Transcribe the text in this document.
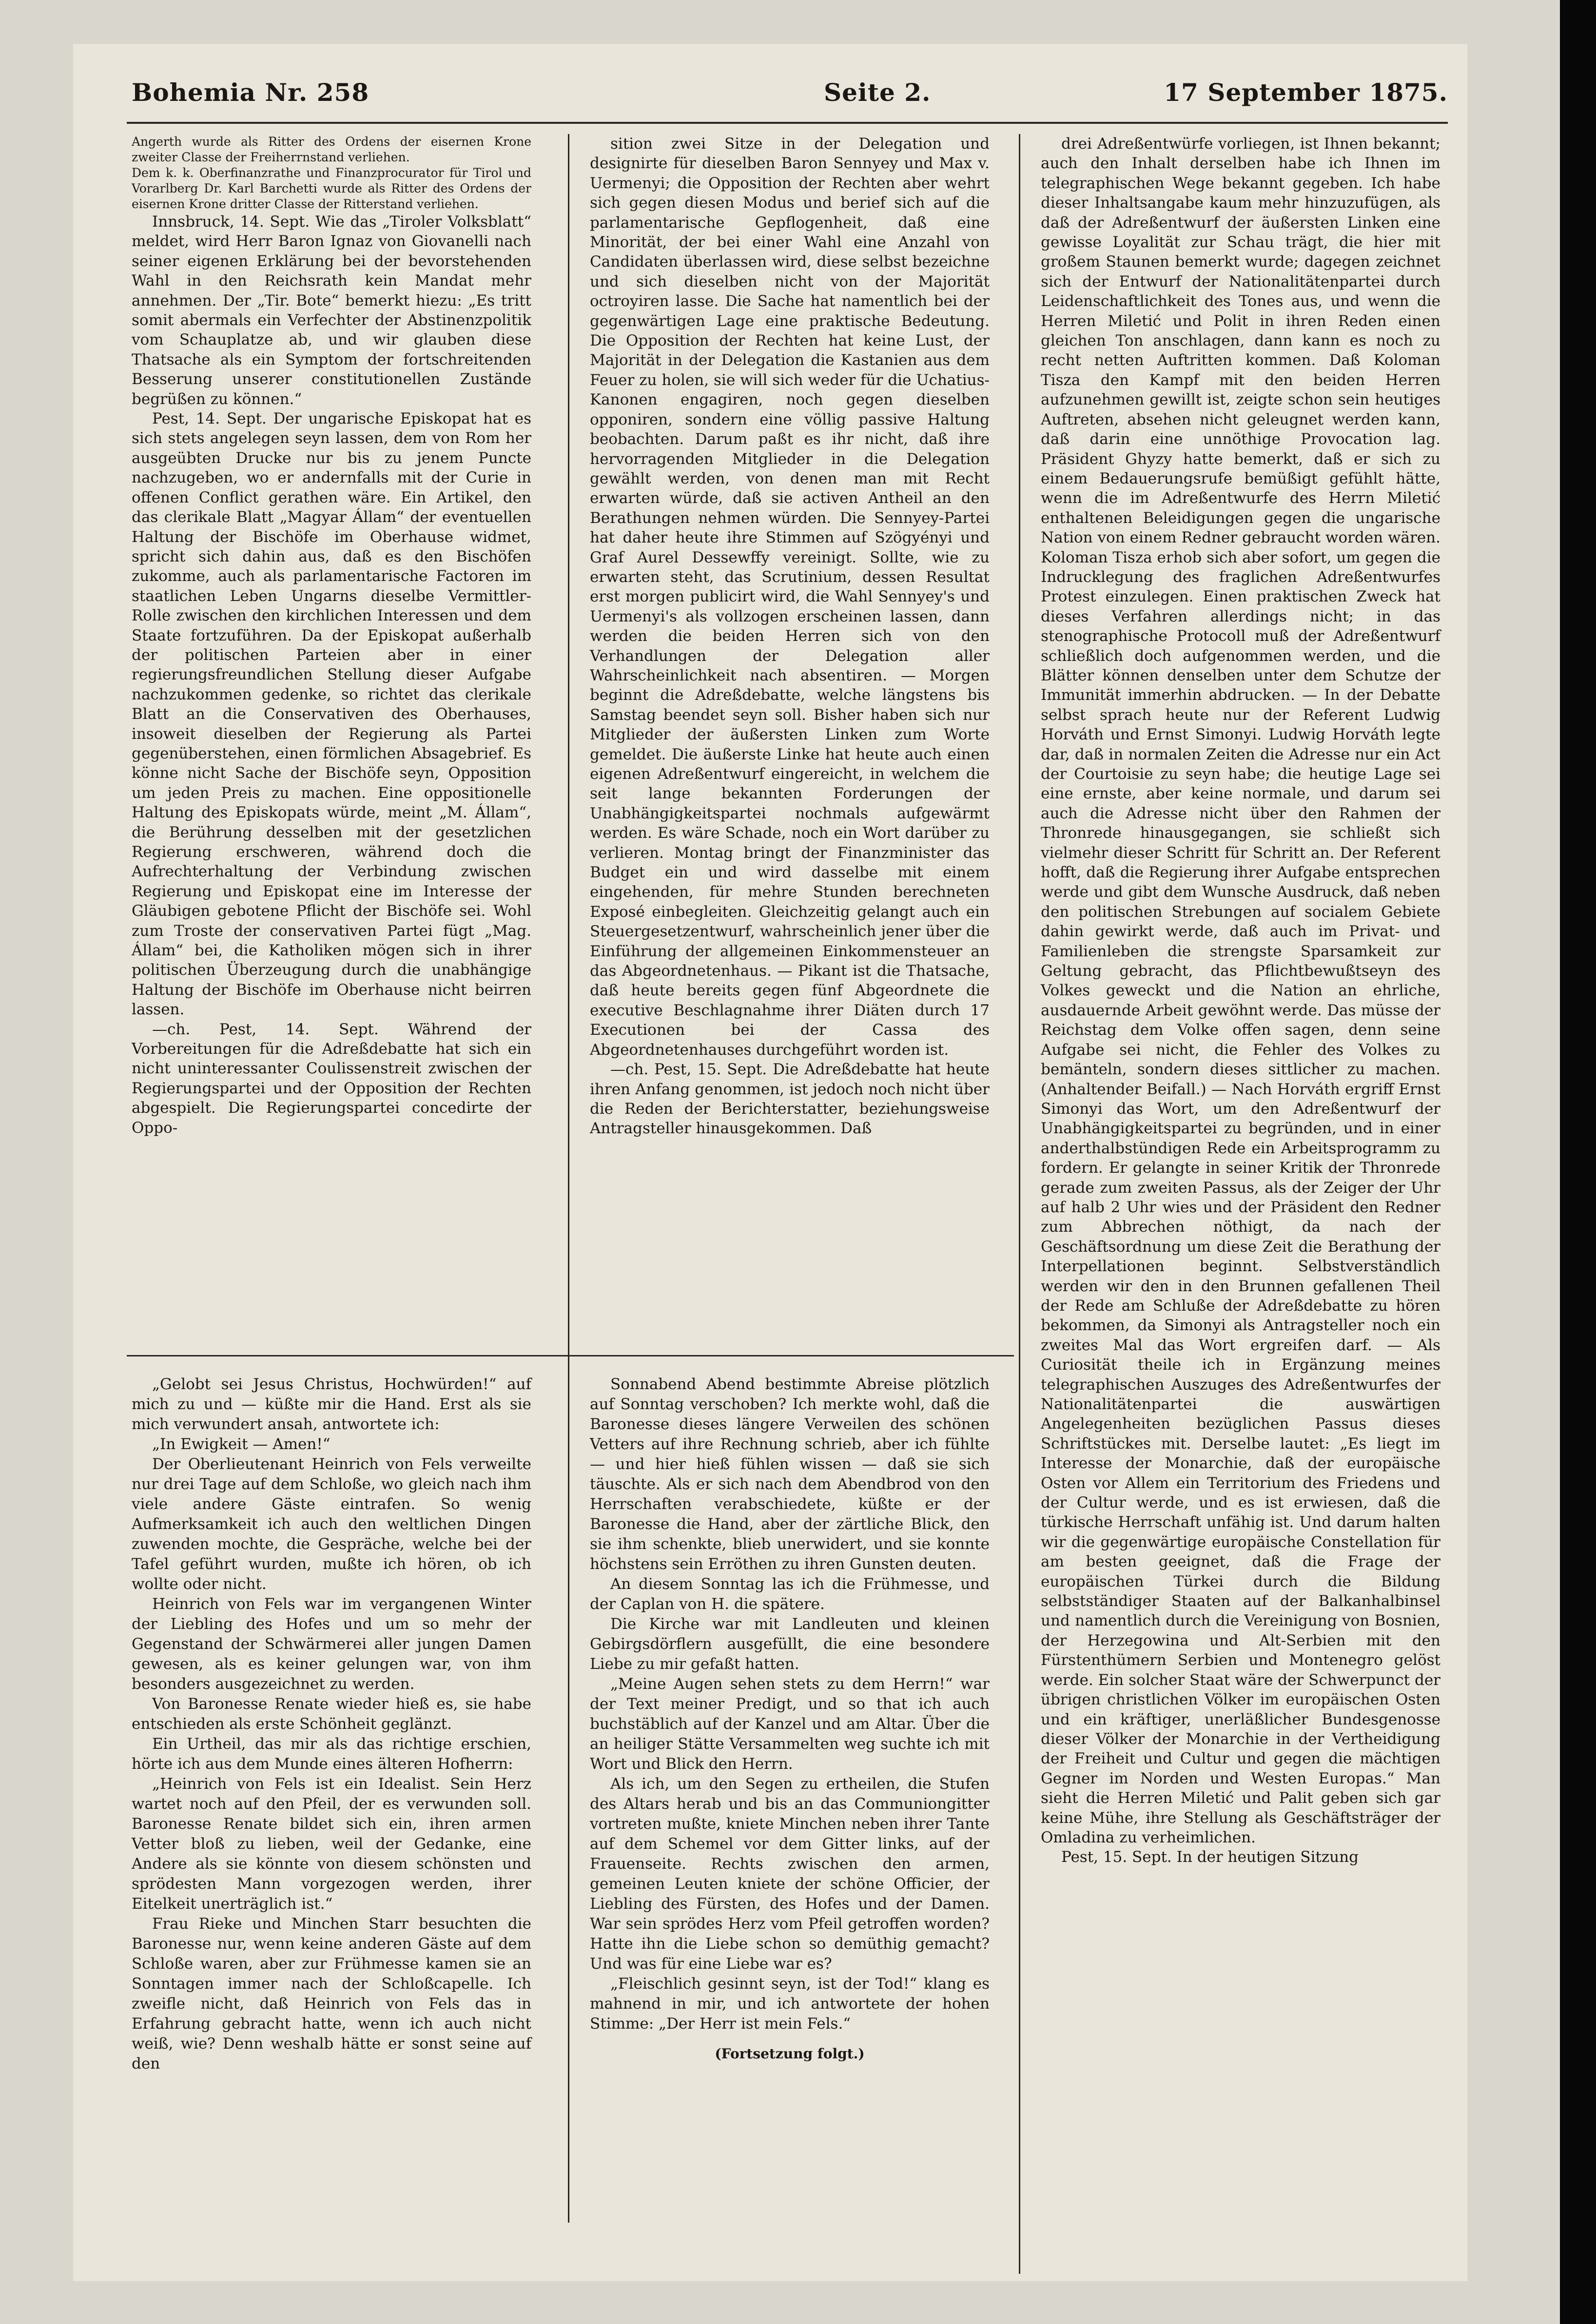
Bohemia Nr. 258	Seite 2.	17 September 1875.

Angerth wurde als Ritter des Ordens der eisernen Krone zweiter Classe der Freiherrnstand verliehen.

Dem k. k. Oberfinanzrathe und Finanzprocurator für Tirol und Vorarlberg Dr. Karl Barchetti wurde als Ritter des Ordens der eisernen Krone dritter Classe der Ritterstand verliehen.

Innsbruck, 14. Sept. Wie das „Tiroler Volksblatt“ meldet, wird Herr Baron Ignaz von Giovanelli nach seiner eigenen Erklärung bei der bevorstehenden Wahl in den Reichsrath kein Mandat mehr annehmen. Der „Tir. Bote“ bemerkt hiezu: „Es tritt somit abermals ein Verfechter der Abstinenzpolitik vom Schauplatze ab, und wir glauben diese Thatsache als ein Symptom der fortschreitenden Besserung unserer constitutionellen Zustände begrüßen zu können.“

Pest, 14. Sept. Der ungarische Episkopat hat es sich stets angelegen seyn lassen, dem von Rom her ausgeübten Drucke nur bis zu jenem Puncte nachzugeben, wo er andernfalls mit der Curie in offenen Conflict gerathen wäre. Ein Artikel, den das clerikale Blatt „Magyar Állam“ der eventuellen Haltung der Bischöfe im Oberhause widmet, spricht sich dahin aus, daß es den Bischöfen zukomme, auch als parlamentarische Factoren im staatlichen Leben Ungarns dieselbe Vermittler-Rolle zwischen den kirchlichen Interessen und dem Staate fortzuführen. Da der Episkopat außerhalb der politischen Parteien aber in einer regierungsfreundlichen Stellung dieser Aufgabe nachzukommen gedenke, so richtet das clerikale Blatt an die Conservativen des Oberhauses, insoweit dieselben der Regierung als Partei gegenüberstehen, einen förmlichen Absagebrief. Es könne nicht Sache der Bischöfe seyn, Opposition um jeden Preis zu machen. Eine oppositionelle Haltung des Episkopats würde, meint „M. Állam“, die Berührung desselben mit der gesetzlichen Regierung erschweren, während doch die Aufrechterhaltung der Verbindung zwischen Regierung und Episkopat eine im Interesse der Gläubigen gebotene Pflicht der Bischöfe sei. Wohl zum Troste der conservativen Partei fügt „Mag. Állam“ bei, die Katholiken mögen sich in ihrer politischen Überzeugung durch die unabhängige Haltung der Bischöfe im Oberhause nicht beirren lassen.

—ch. Pest, 14. Sept. Während der Vorbereitungen für die Adreßdebatte hat sich ein nicht uninteressanter Coulissenstreit zwischen der Regierungspartei und der Opposition der Rechten abgespielt. Die Regierungspartei concedirte der Oppo-

sition zwei Sitze in der Delegation und designirte für dieselben Baron Sennyey und Max v. Uermenyi; die Opposition der Rechten aber wehrt sich gegen diesen Modus und berief sich auf die parlamentarische Gepflogenheit, daß eine Minorität, der bei einer Wahl eine Anzahl von Candidaten überlassen wird, diese selbst bezeichne und sich dieselben nicht von der Majorität octroyiren lasse. Die Sache hat namentlich bei der gegenwärtigen Lage eine praktische Bedeutung. Die Opposition der Rechten hat keine Lust, der Majorität in der Delegation die Kastanien aus dem Feuer zu holen, sie will sich weder für die Uchatius-Kanonen engagiren, noch gegen dieselben opponiren, sondern eine völlig passive Haltung beobachten. Darum paßt es ihr nicht, daß ihre hervorragenden Mitglieder in die Delegation gewählt werden, von denen man mit Recht erwarten würde, daß sie activen Antheil an den Berathungen nehmen würden. Die Sennyey-Partei hat daher heute ihre Stimmen auf Szögyényi und Graf Aurel Dessewffy vereinigt. Sollte, wie zu erwarten steht, das Scrutinium, dessen Resultat erst morgen publicirt wird, die Wahl Sennyey's und Uermenyi's als vollzogen erscheinen lassen, dann werden die beiden Herren sich von den Verhandlungen der Delegation aller Wahrscheinlichkeit nach absentiren. — Morgen beginnt die Adreßdebatte, welche längstens bis Samstag beendet seyn soll. Bisher haben sich nur Mitglieder der äußersten Linken zum Worte gemeldet. Die äußerste Linke hat heute auch einen eigenen Adreßentwurf eingereicht, in welchem die seit lange bekannten Forderungen der Unabhängigkeitspartei nochmals aufgewärmt werden. Es wäre Schade, noch ein Wort darüber zu verlieren. Montag bringt der Finanzminister das Budget ein und wird dasselbe mit einem eingehenden, für mehre Stunden berechneten Exposé einbegleiten. Gleichzeitig gelangt auch ein Steuergesetzentwurf, wahrscheinlich jener über die Einführung der allgemeinen Einkommensteuer an das Abgeordnetenhaus. — Pikant ist die Thatsache, daß heute bereits gegen fünf Abgeordnete die executive Beschlagnahme ihrer Diäten durch 17 Executionen bei der Cassa des Abgeordnetenhauses durchgeführt worden ist.

—ch. Pest, 15. Sept. Die Adreßdebatte hat heute ihren Anfang genommen, ist jedoch noch nicht über die Reden der Berichterstatter, beziehungsweise Antragsteller hinausgekommen. Daß

drei Adreßentwürfe vorliegen, ist Ihnen bekannt; auch den Inhalt derselben habe ich Ihnen im telegraphischen Wege bekannt gegeben. Ich habe dieser Inhaltsangabe kaum mehr hinzuzufügen, als daß der Adreßentwurf der äußersten Linken eine gewisse Loyalität zur Schau trägt, die hier mit großem Staunen bemerkt wurde; dagegen zeichnet sich der Entwurf der Nationalitätenpartei durch Leidenschaftlichkeit des Tones aus, und wenn die Herren Miletić und Polit in ihren Reden einen gleichen Ton anschlagen, dann kann es noch zu recht netten Auftritten kommen. Daß Koloman Tisza den Kampf mit den beiden Herren aufzunehmen gewillt ist, zeigte schon sein heutiges Auftreten, absehen nicht geleugnet werden kann, daß darin eine unnöthige Provocation lag. Präsident Ghyzy hatte bemerkt, daß er sich zu einem Bedauerungsrufe bemüßigt gefühlt hätte, wenn die im Adreßentwurfe des Herrn Miletić enthaltenen Beleidigungen gegen die ungarische Nation von einem Redner gebraucht worden wären. Koloman Tisza erhob sich aber sofort, um gegen die Indrucklegung des fraglichen Adreßentwurfes Protest einzulegen. Einen praktischen Zweck hat dieses Verfahren allerdings nicht; in das stenographische Protocoll muß der Adreßentwurf schließlich doch aufgenommen werden, und die Blätter können denselben unter dem Schutze der Immunität immerhin abdrucken. — In der Debatte selbst sprach heute nur der Referent Ludwig Horváth und Ernst Simonyi. Ludwig Horváth legte dar, daß in normalen Zeiten die Adresse nur ein Act der Courtoisie zu seyn habe; die heutige Lage sei eine ernste, aber keine normale, und darum sei auch die Adresse nicht über den Rahmen der Thronrede hinausgegangen, sie schließt sich vielmehr dieser Schritt für Schritt an. Der Referent hofft, daß die Regierung ihrer Aufgabe entsprechen werde und gibt dem Wunsche Ausdruck, daß neben den politischen Strebungen auf socialem Gebiete dahin gewirkt werde, daß auch im Privat- und Familienleben die strengste Sparsamkeit zur Geltung gebracht, das Pflichtbewußtseyn des Volkes geweckt und die Nation an ehrliche, ausdauernde Arbeit gewöhnt werde. Das müsse der Reichstag dem Volke offen sagen, denn seine Aufgabe sei nicht, die Fehler des Volkes zu bemänteln, sondern dieses sittlicher zu machen. (Anhaltender Beifall.) — Nach Horváth ergriff Ernst Simonyi das Wort, um den Adreßentwurf der Unabhängigkeitspartei zu begründen, und in einer anderthalbstündigen Rede ein Arbeitsprogramm zu fordern. Er gelangte in seiner Kritik der Thronrede gerade zum zweiten Passus, als der Zeiger der Uhr auf halb 2 Uhr wies und der Präsident den Redner zum Abbrechen nöthigt, da nach der Geschäftsordnung um diese Zeit die Berathung der Interpellationen beginnt. Selbstverständlich werden wir den in den Brunnen gefallenen Theil der Rede am Schluße der Adreßdebatte zu hören bekommen, da Simonyi als Antragsteller noch ein zweites Mal das Wort ergreifen darf. — Als Curiosität theile ich in Ergänzung meines telegraphischen Auszuges des Adreßentwurfes der Nationalitätenpartei die auswärtigen Angelegenheiten bezüglichen Passus dieses Schriftstückes mit. Derselbe lautet: „Es liegt im Interesse der Monarchie, daß der europäische Osten vor Allem ein Territorium des Friedens und der Cultur werde, und es ist erwiesen, daß die türkische Herrschaft unfähig ist. Und darum halten wir die gegenwärtige europäische Constellation für am besten geeignet, daß die Frage der europäischen Türkei durch die Bildung selbstständiger Staaten auf der Balkanhalbinsel und namentlich durch die Vereinigung von Bosnien, der Herzegowina und Alt-Serbien mit den Fürstenthümern Serbien und Montenegro gelöst werde. Ein solcher Staat wäre der Schwerpunct der übrigen christlichen Völker im europäischen Osten und ein kräftiger, unerläßlicher Bundesgenosse dieser Völker der Monarchie in der Vertheidigung der Freiheit und Cultur und gegen die mächtigen Gegner im Norden und Westen Europas.“ Man sieht die Herren Miletić und Palit geben sich gar keine Mühe, ihre Stellung als Geschäftsträger der Omladina zu verheimlichen.

Pest, 15. Sept. In der heutigen Sitzung

„Gelobt sei Jesus Christus, Hochwürden!“ auf mich zu und — küßte mir die Hand. Erst als sie mich verwundert ansah, antwortete ich:

„In Ewigkeit — Amen!“

Der Oberlieutenant Heinrich von Fels verweilte nur drei Tage auf dem Schloße, wo gleich nach ihm viele andere Gäste eintrafen. So wenig Aufmerksamkeit ich auch den weltlichen Dingen zuwenden mochte, die Gespräche, welche bei der Tafel geführt wurden, mußte ich hören, ob ich wollte oder nicht.

Heinrich von Fels war im vergangenen Winter der Liebling des Hofes und um so mehr der Gegenstand der Schwärmerei aller jungen Damen gewesen, als es keiner gelungen war, von ihm besonders ausgezeichnet zu werden.

Von Baronesse Renate wieder hieß es, sie habe entschieden als erste Schönheit geglänzt.

Ein Urtheil, das mir als das richtige erschien, hörte ich aus dem Munde eines älteren Hofherrn:

„Heinrich von Fels ist ein Idealist. Sein Herz wartet noch auf den Pfeil, der es verwunden soll. Baronesse Renate bildet sich ein, ihren armen Vetter bloß zu lieben, weil der Gedanke, eine Andere als sie könnte von diesem schönsten und sprödesten Mann vorgezogen werden, ihrer Eitelkeit unerträglich ist.“

Frau Rieke und Minchen Starr besuchten die Baronesse nur, wenn keine anderen Gäste auf dem Schloße waren, aber zur Frühmesse kamen sie an Sonntagen immer nach der Schloßcapelle. Ich zweifle nicht, daß Heinrich von Fels das in Erfahrung gebracht hatte, wenn ich auch nicht weiß, wie? Denn weshalb hätte er sonst seine auf den

Sonnabend Abend bestimmte Abreise plötzlich auf Sonntag verschoben? Ich merkte wohl, daß die Baronesse dieses längere Verweilen des schönen Vetters auf ihre Rechnung schrieb, aber ich fühlte — und hier hieß fühlen wissen — daß sie sich täuschte. Als er sich nach dem Abendbrod von den Herrschaften verabschiedete, küßte er der Baronesse die Hand, aber der zärtliche Blick, den sie ihm schenkte, blieb unerwidert, und sie konnte höchstens sein Erröthen zu ihren Gunsten deuten.

An diesem Sonntag las ich die Frühmesse, und der Caplan von H. die spätere.

Die Kirche war mit Landleuten und kleinen Gebirgsdörflern ausgefüllt, die eine besondere Liebe zu mir gefaßt hatten.

„Meine Augen sehen stets zu dem Herrn!“ war der Text meiner Predigt, und so that ich auch buchstäblich auf der Kanzel und am Altar. Über die an heiliger Stätte Versammelten weg suchte ich mit Wort und Blick den Herrn.

Als ich, um den Segen zu ertheilen, die Stufen des Altars herab und bis an das Communiongitter vortreten mußte, kniete Minchen neben ihrer Tante auf dem Schemel vor dem Gitter links, auf der Frauenseite. Rechts zwischen den armen, gemeinen Leuten kniete der schöne Officier, der Liebling des Fürsten, des Hofes und der Damen. War sein sprödes Herz vom Pfeil getroffen worden? Hatte ihn die Liebe schon so demüthig gemacht? Und was für eine Liebe war es?

„Fleischlich gesinnt seyn, ist der Tod!“ klang es mahnend in mir, und ich antwortete der hohen Stimme: „Der Herr ist mein Fels.“

(Fortsetzung folgt.)
